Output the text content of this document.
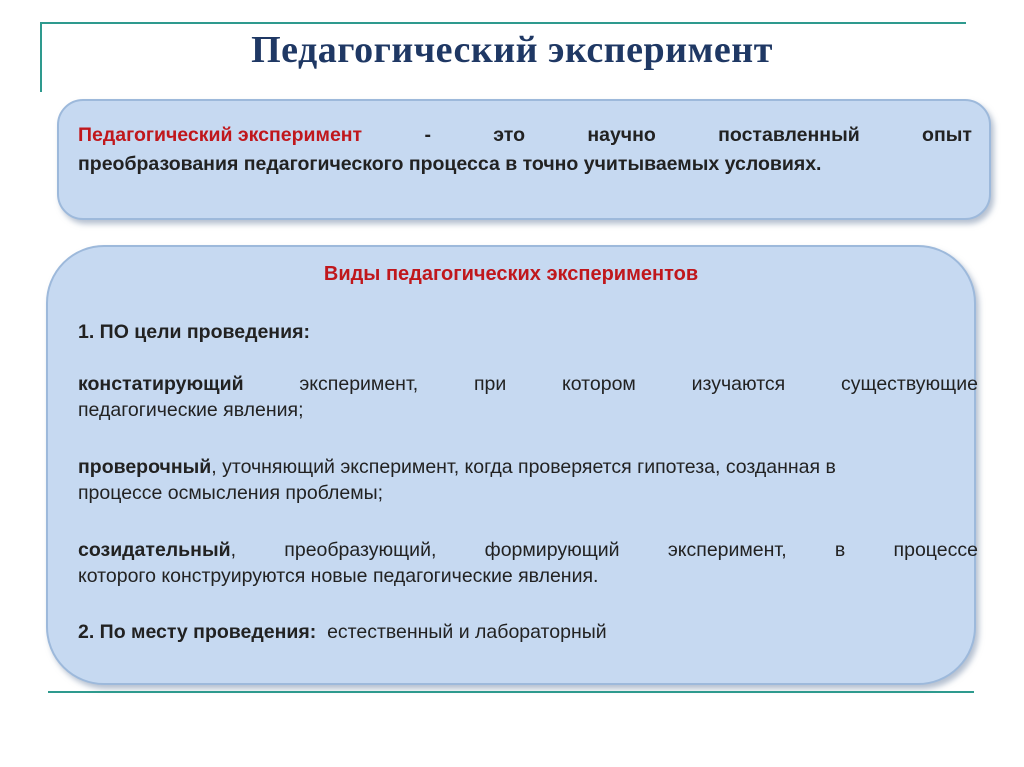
Педагогический эксперимент

Педагогический эксперимент	-	это	научно	поставленный	опыт

преобразования педагогического процесса в точно учитываемых условиях.

Виды педагогических экспериментов
1. ПО цели проведения:

констатирующий	эксперимент,	при	котором	изучаются	существующие

педагогические явления;

проверочный, уточняющий эксперимент, когда проверяется гипотеза, созданная в

процессе осмысления проблемы;

созидательный, преобразующий, формирующий эксперимент, в процессе

которого конструируются новые педагогические явления.

2. По месту проведения: естественный и лабораторный
